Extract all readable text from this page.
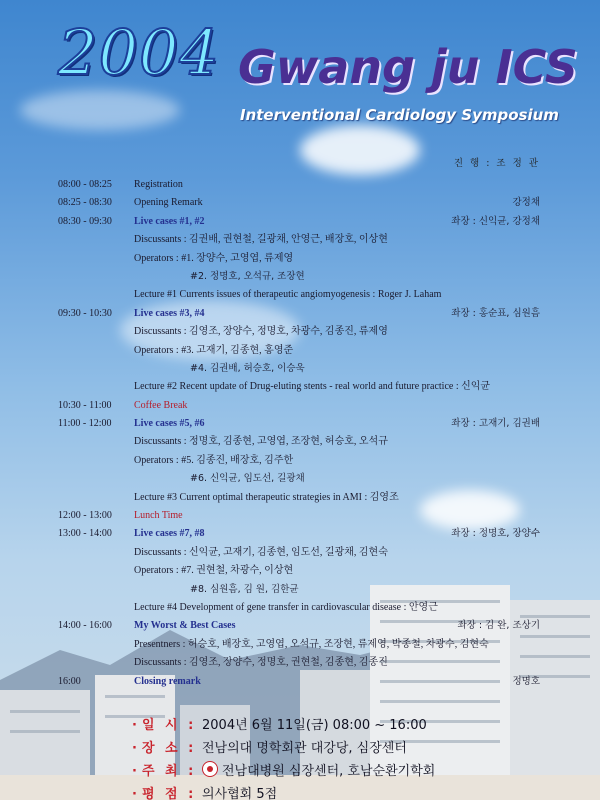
2004 Gwang ju ICS
Interventional Cardiology Symposium
진 행 : 조 정 관
08:00 - 08:25 Registration
08:25 - 08:30 Opening Remark	강정채
08:30 - 09:30 Live cases #1, #2	좌장 : 신익균, 강정채
Discussants : 김권배, 권현철, 길광채, 안영근, 배장호, 이상현
Operators : #1. 장양수, 고영엽, 류제영
#2. 정명호, 오석규, 조장현
Lecture #1 Currents issues of therapeutic angiomyogenesis : Roger J. Laham
09:30 - 10:30 Live cases #3, #4	좌장 : 홍순표, 심원흠
Discussants : 김영조, 장양수, 정명호, 차광수, 김종진, 류제영
Operators : #3. 고재기, 김종현, 홍영준
#4. 김권배, 허승호, 이승욱
Lecture #2 Recent update of Drug-eluting stents - real world and future practice : 신익균
10:30 - 11:00 Coffee Break
11:00 - 12:00 Live cases #5, #6	좌장 : 고재기, 김권배
Discussants : 정명호, 김종현, 고영엽, 조장현, 허승호, 오석규
Operators : #5. 김종진, 배장호, 김주한
#6. 신익균, 임도선, 길광채
Lecture #3 Current optimal therapeutic strategies in AMI : 김영조
12:00 - 13:00 Lunch Time
13:00 - 14:00 Live cases #7, #8	좌장 : 정명호, 장양수
Discussants : 신익균, 고재기, 김종현, 임도선, 길광채, 김현숙
Operators : #7. 권현철, 차광수, 이상현
#8. 심원흠, 김 원, 김한균
Lecture #4 Development of gene transfer in cardiovascular disease : 안영근
14:00 - 16:00 My Worst & Best Cases	좌장 : 김 완, 조상기
Presentners : 허승호, 배장호, 고영엽, 오석규, 조장현, 류제영, 박종철, 차광수, 김현숙
Discussants : 김영조, 장양수, 정명호, 권현철, 김종현, 김종진
16:00	Closing remark	정명호
· 일 시 : 2004년 6월 11일(금) 08:00 ~ 16:00
· 장 소 : 전남의대 명학회관 대강당, 심장센터
· 주 최 :	전남대병원 심장센터, 호남순환기학회
· 평 점 : 의사협회 5점
